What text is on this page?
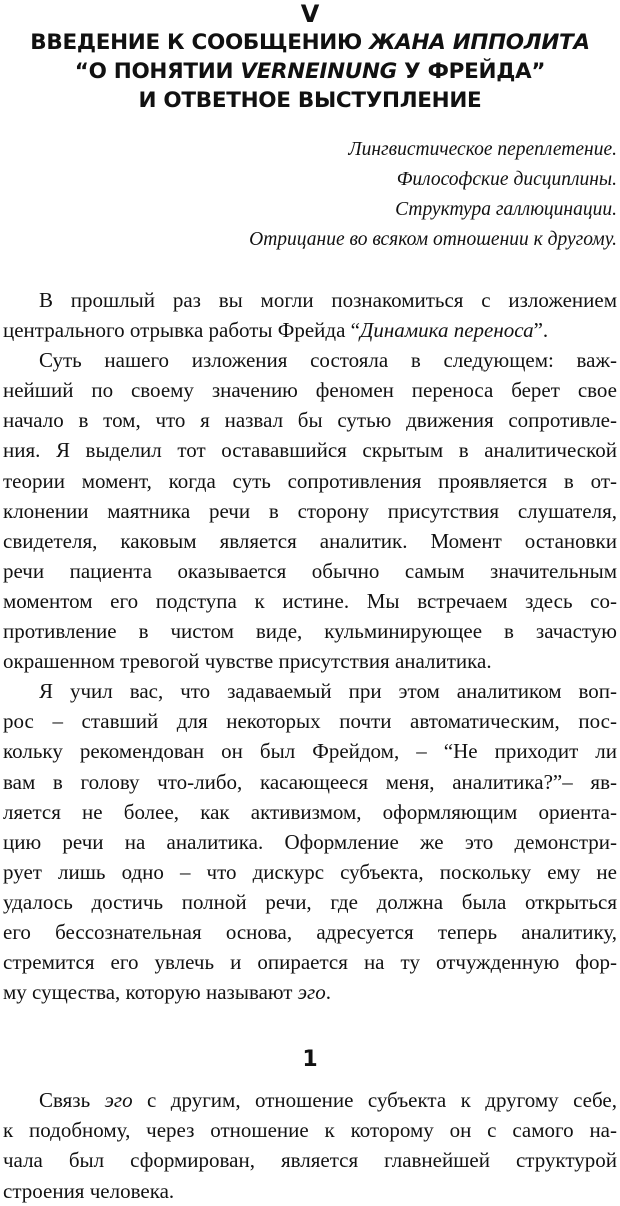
V
ВВЕДЕНИЕ К СООБЩЕНИЮ ЖАНА ИППОЛИТА
“О ПОНЯТИИ VERNEINUNG У ФРЕЙДА”
И ОТВЕТНОЕ ВЫСТУПЛЕНИЕ
Лингвистическое переплетение.
Философские дисциплины.
Структура галлюцинации.
Отрицание во всяком отношении к другому.

В прошлый раз вы могли познакомиться с изложением
центрального отрывка работы Фрейда “Динамика переноса”.

Суть нашего изложения состояла в следующем: важ-
нейший по своему значению феномен переноса берет свое
начало в том, что я назвал бы сутью движения сопротивле-
ния. Я выделил тот остававшийся скрытым в аналитической
теории момент, когда суть сопротивления проявляется в от-
клонении маятника речи в сторону присутствия слушателя,
свидетеля, каковым является аналитик. Момент остановки
речи пациента оказывается обычно самым значительным
моментом его подступа к истине. Мы встречаем здесь со-
противление в чистом виде, кульминирующее в зачастую
окрашенном тревогой чувстве присутствия аналитика.

Я учил вас, что задаваемый при этом аналитиком воп-
рос – ставший для некоторых почти автоматическим, пос-
кольку рекомендован он был Фрейдом, – “Не приходит ли
вам в голову что-либо, касающееся меня, аналитика?”– яв-
ляется не более, как активизмом, оформляющим ориента-
цию речи на аналитика. Оформление же это демонстри-
рует лишь одно – что дискурс субъекта, поскольку ему не
удалось достичь полной речи, где должна была открыться
его бессознательная основа, адресуется теперь аналитику,
стремится его увлечь и опирается на ту отчужденную фор-
му существа, которую называют эго.

1

Связь эго с другим, отношение субъекта к другому себе,
к подобному, через отношение к которому он с самого на-
чала был сформирован, является главнейшей структурой
строения человека.
